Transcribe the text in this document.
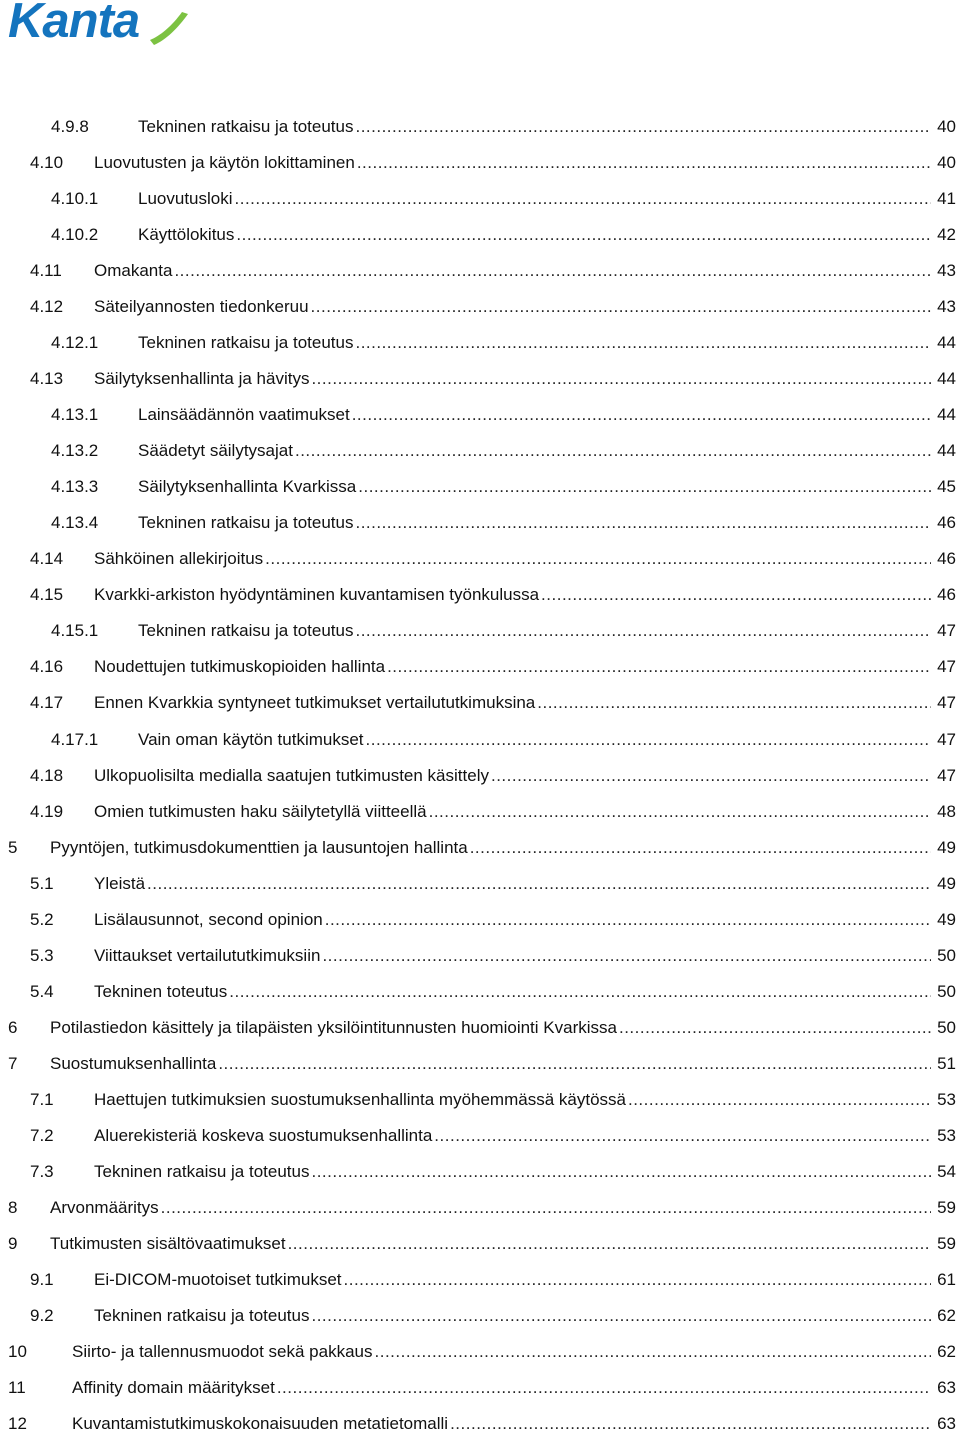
Kanta
4.9.8	Tekninen ratkaisu ja toteutus .....	40
4.10 Luovutusten ja käytön lokittaminen .....	40
4.10.1 Luovutusloki .....	41
4.10.2 Käyttölokitus .....	42
4.11 Omakanta .....	43
4.12 Säteilyannosten tiedonkeruu .....	43
4.12.1 Tekninen ratkaisu ja toteutus .....	44
4.13 Säilytyksenhallinta ja hävitys .....	44
4.13.1 Lainsäädännön vaatimukset .....	44
4.13.2 Säädetyt säilytysajat .....	44
4.13.3 Säilytyksenhallinta Kvarkissa .....	45
4.13.4 Tekninen ratkaisu ja toteutus .....	46
4.14 Sähköinen allekirjoitus .....	46
4.15 Kvarkki-arkiston hyödyntäminen kuvantamisen työnkulussa .....	46
4.15.1 Tekninen ratkaisu ja toteutus .....	47
4.16 Noudettujen tutkimuskopioiden hallinta .....	47
4.17 Ennen Kvarkkia syntyneet tutkimukset vertailututkimuksina .....	47
4.17.1 Vain oman käytön tutkimukset .....	47
4.18 Ulkopuolisilta medialla saatujen tutkimusten käsittely .....	47
4.19 Omien tutkimusten haku säilytetyllä viitteellä .....	48
5 Pyyntöjen, tutkimusdokumenttien ja lausuntojen hallinta .....	49
5.1 Yleistä .....	49
5.2 Lisälausunnot, second opinion .....	49
5.3 Viittaukset vertailututkimuksiin .....	50
5.4 Tekninen toteutus .....	50
6 Potilastiedon käsittely ja tilapäisten yksilöintitunnusten huomiointi Kvarkissa .....	50
7 Suostumuksenhallinta .....	51
7.1 Haettujen tutkimuksien suostumuksenhallinta myöhemmässä käytössä .....	53
7.2 Aluerekisteriä koskeva suostumuksenhallinta .....	53
7.3 Tekninen ratkaisu ja toteutus .....	54
8 Arvonmääritys .....	59
9 Tutkimusten sisältövaatimukset .....	59
9.1 Ei-DICOM-muotoiset tutkimukset .....	61
9.2 Tekninen ratkaisu ja toteutus .....	62
10	Siirto- ja tallennusmuodot sekä pakkaus .....	62
11	Affinity domain määritykset .....	63
12	Kuvantamistutkimuskokonaisuuden metatietomalli .....	63
